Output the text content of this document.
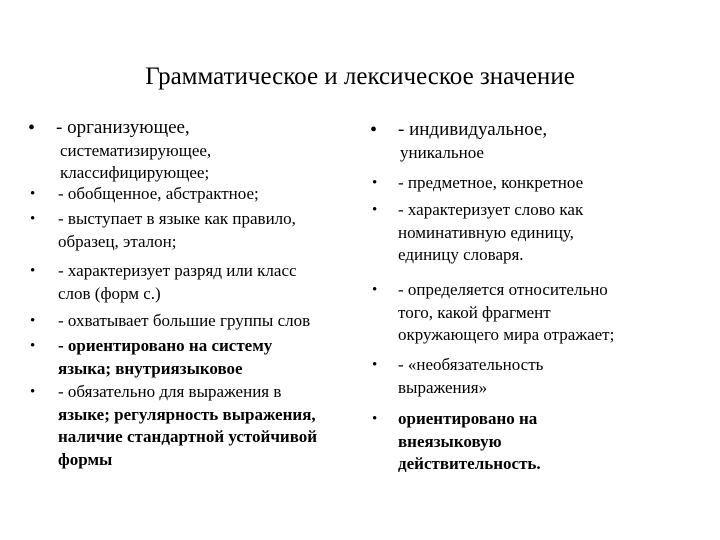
Грамматическое и лексическое значение
• - организующее,
систематизирующее,
классифицирующее;
• - обобщенное, абстрактное;
• - выступает в языке как правило,
образец, эталон;
• - характеризует разряд или класс
слов (форм с.)
• - охватывает большие группы слов
• - ориентировано на систему
языка; внутриязыковое
• - обязательно для выражения в
языке; регулярность выражения,
наличие стандартной устойчивой
формы
• - индивидуальное,
уникальное
• - предметное, конкретное
• - характеризует слово как
номинативную единицу,
единицу словаря.
• - определяется относительно
того, какой фрагмент
окружающего мира отражает;
• - «необязательность
выражения»
• ориентировано на
внеязыковую
действительность.
